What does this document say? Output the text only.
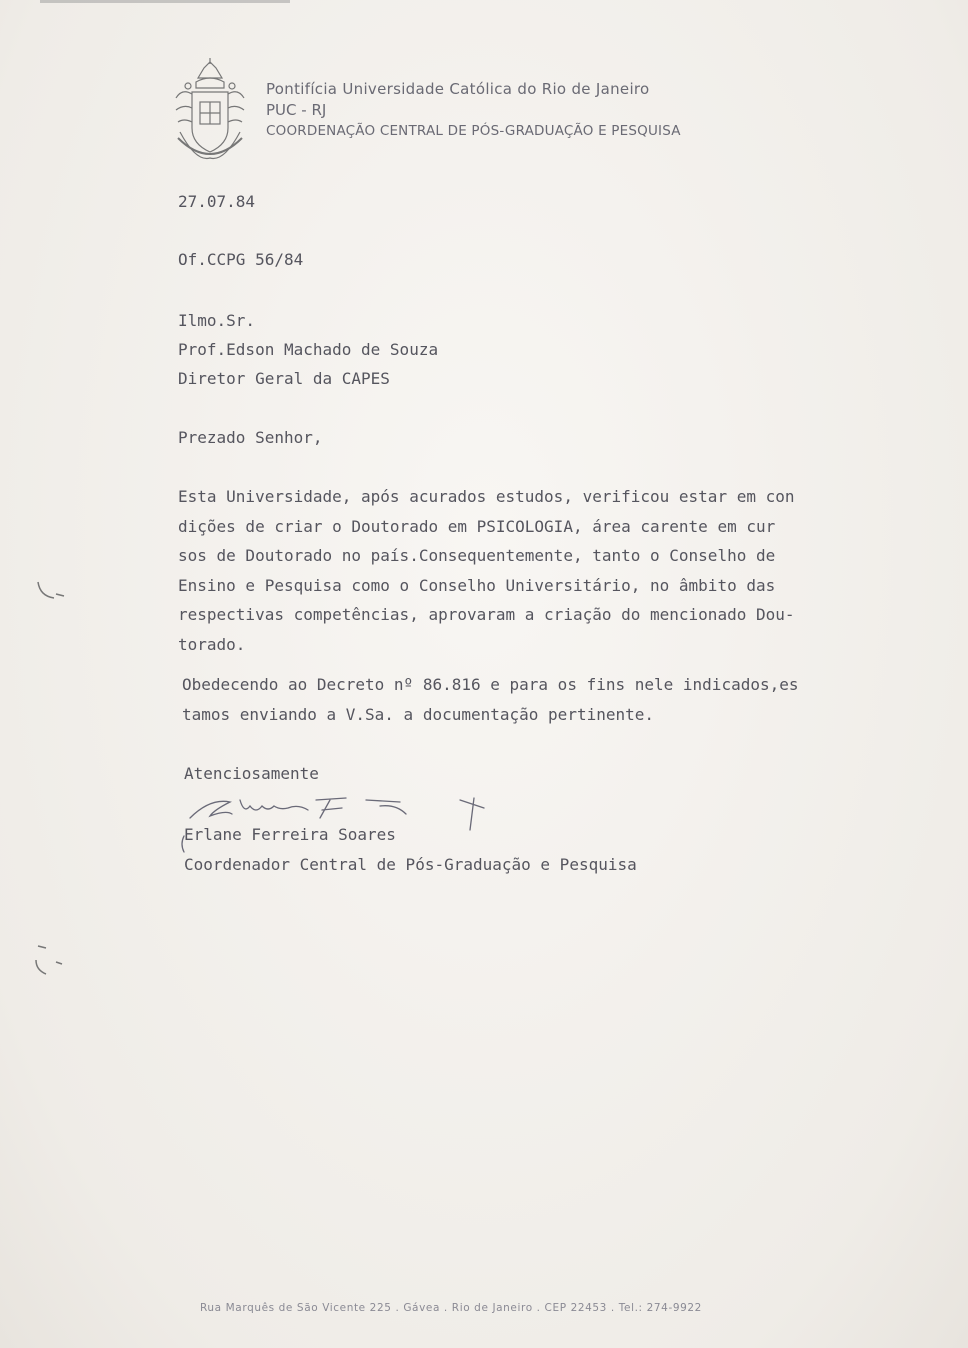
Pontifícia Universidade Católica do Rio de Janeiro
PUC - RJ
COORDENAÇÃO CENTRAL DE PÓS-GRADUAÇÃO E PESQUISA
27.07.84
Of.CCPG 56/84
Ilmo.Sr.
Prof.Edson Machado de Souza
Diretor Geral da CAPES
Prezado Senhor,
Esta Universidade, após acurados estudos, verificou estar em con
dições de criar o Doutorado em PSICOLOGIA, área carente em cur
sos de Doutorado no país.Consequentemente, tanto o Conselho de
Ensino e Pesquisa como o Conselho Universitário, no âmbito das
respectivas competências, aprovaram a criação do mencionado Dou-
torado.
Obedecendo ao Decreto nº 86.816 e para os fins nele indicados,es
tamos enviando a V.Sa. a documentação pertinente.
Atenciosamente
Erlane Ferreira Soares
Coordenador Central de Pós-Graduação e Pesquisa
Rua Marquês de São Vicente 225 . Gávea . Rio de Janeiro . CEP 22453 . Tel.: 274-9922
